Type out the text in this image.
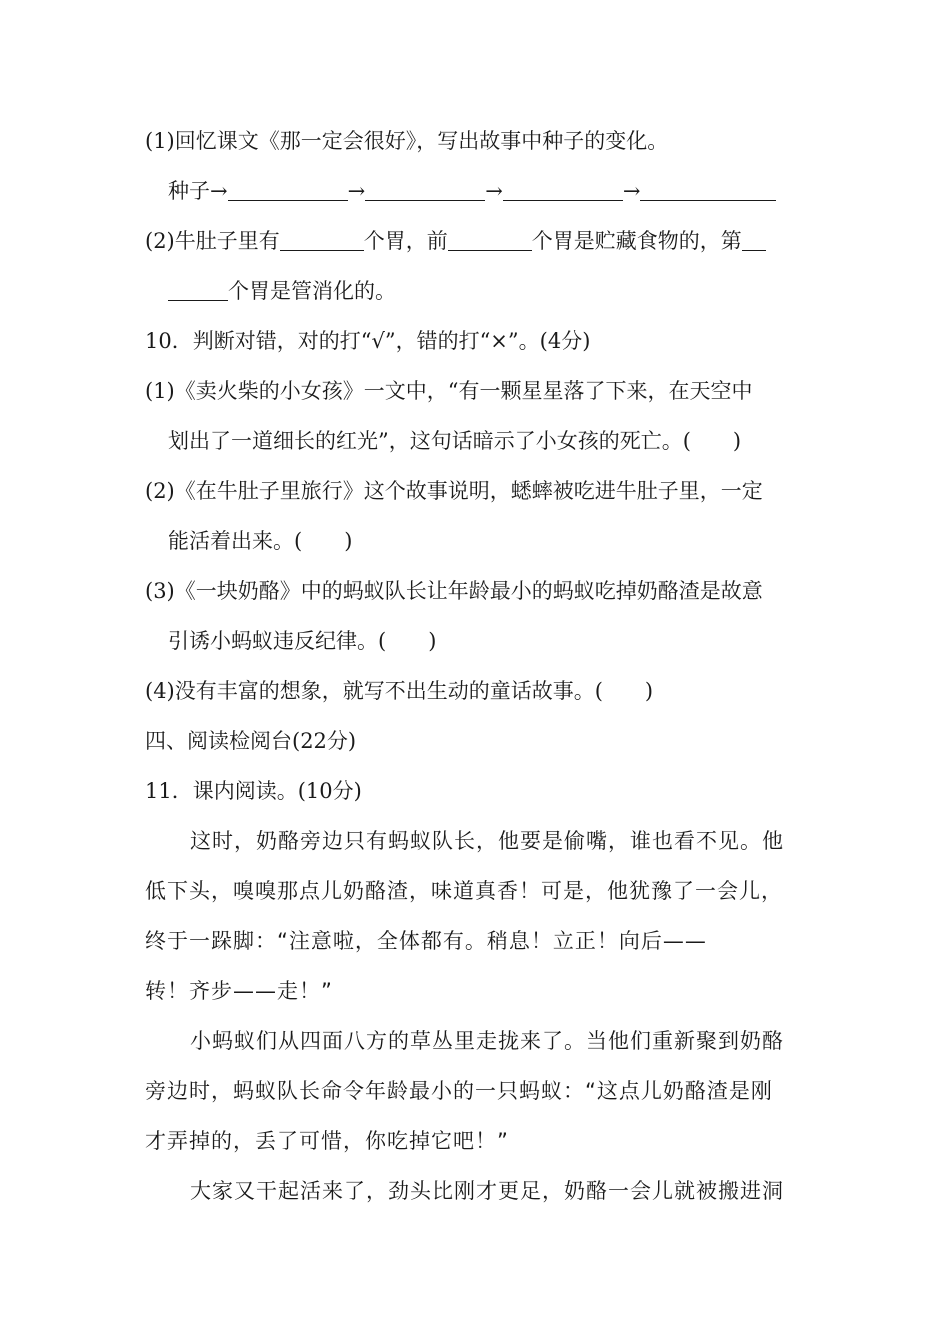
(1)回忆课文《那一定会很好》，写出故事中种子的变化。
种子→	→	→	→
(2)牛肚子里有	个胃，前	个胃是贮藏食物的，第
个胃是管消化的。
10．判断对错，对的打“√”，错的打“×”。(4分)
(1)《卖火柴的小女孩》一文中，“有一颗星星落了下来，在天空中
划出了一道细长的红光”，这句话暗示了小女孩的死亡。(　　)
(2)《在牛肚子里旅行》这个故事说明，蟋蟀被吃进牛肚子里，一定
能活着出来。(　　)
(3)《一块奶酪》中的蚂蚁队长让年龄最小的蚂蚁吃掉奶酪渣是故意
引诱小蚂蚁违反纪律。(　　)
(4)没有丰富的想象，就写不出生动的童话故事。(　　)
四、阅读检阅台(22分)
11．课内阅读。(10分)
这时，奶酪旁边只有蚂蚁队长，他要是偷嘴，谁也看不见。他
低下头，嗅嗅那点儿奶酪渣，味道真香！可是，他犹豫了一会儿，
终于一跺脚：“注意啦，全体都有。稍息！立正！向后——
转！齐步——走！”
小蚂蚁们从四面八方的草丛里走拢来了。当他们重新聚到奶酪
旁边时，蚂蚁队长命令年龄最小的一只蚂蚁：“这点儿奶酪渣是刚
才弄掉的，丢了可惜，你吃掉它吧！”
大家又干起活来了，劲头比刚才更足，奶酪一会儿就被搬进洞
